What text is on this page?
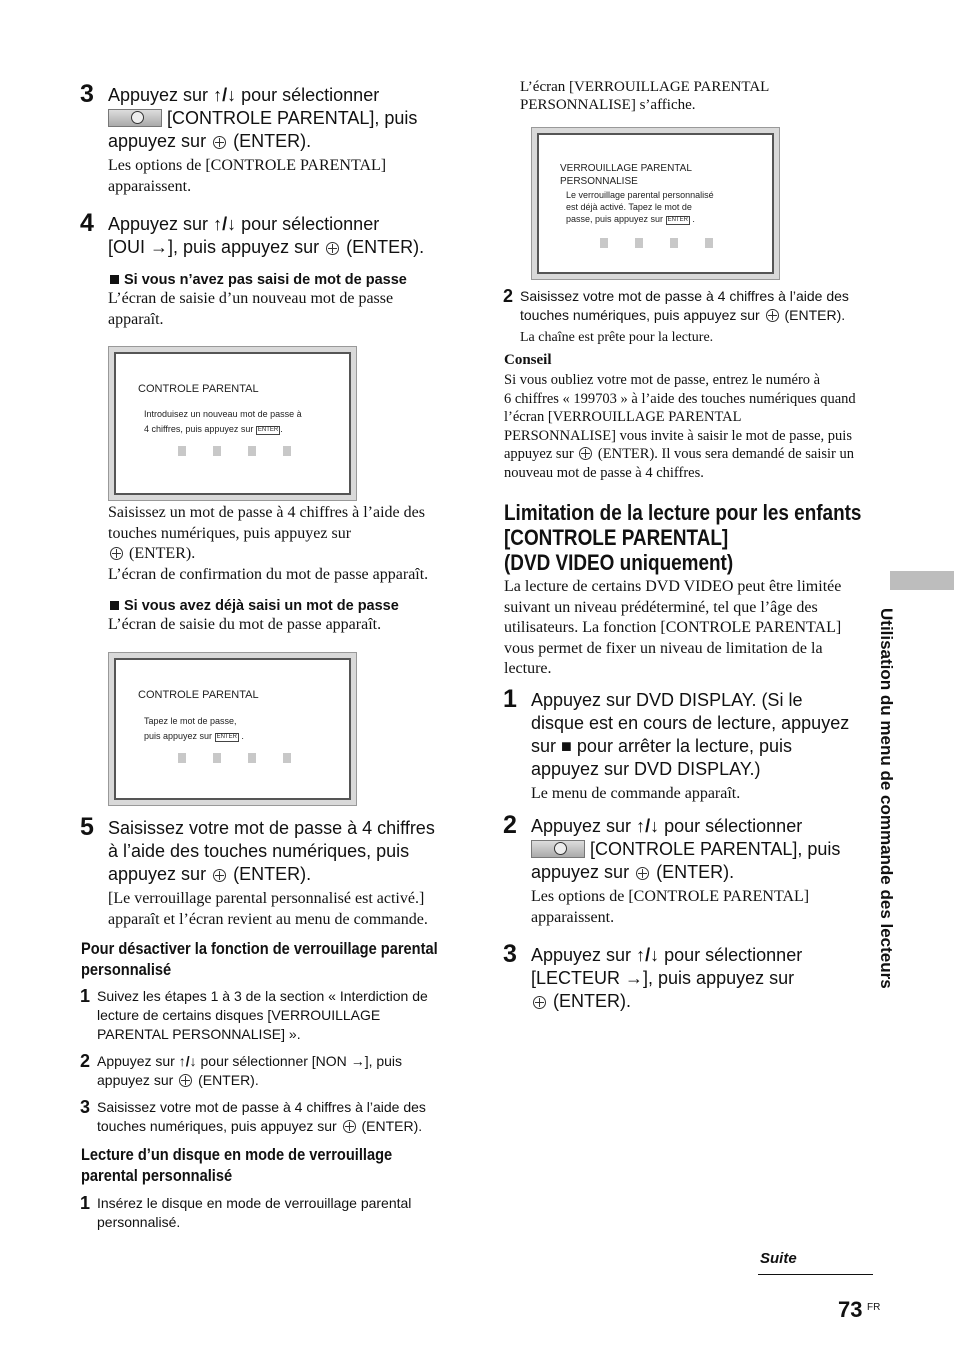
3 Appuyez sur ↑/↓ pour sélectionner

[CONTROLE PARENTAL], puis
appuyez sur (ENTER).
Les options de [CONTROLE PARENTAL]
apparaissent.
4 Appuyez sur ↑/↓ pour sélectionner
[OUI →], puis appuyez sur (ENTER).
Si vous n’avez pas saisi de mot de passe
L’écran de saisie d’un nouveau mot de passe
apparaît.
CONTROLE PARENTAL
Introduisez un nouveau mot de passe à
4 chiffres, puis appuyez sur ENTER .
Saisissez un mot de passe à 4 chiffres à l’aide des
touches numériques, puis appuyez sur
(ENTER).
L’écran de confirmation du mot de passe apparaît.
Si vous avez déjà saisi un mot de passe
L’écran de saisie du mot de passe apparaît.
CONTROLE PARENTAL
Tapez le mot de passe,
puis appuyez sur ENTER .
5 Saisissez votre mot de passe à 4 chiffres
à l’aide des touches numériques, puis
appuyez sur (ENTER).
[Le verrouillage parental personnalisé est activé.]
apparaît et l’écran revient au menu de commande.
Pour désactiver la fonction de verrouillage parental
personnalisé
1 Suivez les étapes 1 à 3 de la section « Interdiction de
lecture de certains disques [VERROUILLAGE
PARENTAL PERSONNALISE] ».
2 Appuyez sur ↑/↓ pour sélectionner [NON →], puis
appuyez sur (ENTER).
3 Saisissez votre mot de passe à 4 chiffres à l’aide des
touches numériques, puis appuyez sur (ENTER).
Lecture d’un disque en mode de verrouillage
parental personnalisé
1 Insérez le disque en mode de verrouillage parental
personnalisé.
L’écran [VERROUILLAGE PARENTAL
PERSONNALISE] s’affiche.
VERROUILLAGE PARENTAL PERSONNALISE
Le verrouillage parental personnalisé
est déjà activé. Tapez le mot de
passe, puis appuyez sur ENTER .
2 Saisissez votre mot de passe à 4 chiffres à l’aide des
touches numériques, puis appuyez sur (ENTER).
La chaîne est prête pour la lecture.
Conseil
Si vous oubliez votre mot de passe, entrez le numéro à
6 chiffres « 199703 » à l’aide des touches numériques quand
l’écran [VERROUILLAGE PARENTAL
PERSONNALISE] vous invite à saisir le mot de passe, puis
appuyez sur (ENTER). Il vous sera demandé de saisir un
nouveau mot de passe à 4 chiffres.
Limitation de la lecture pour les enfants
[CONTROLE PARENTAL]
(DVD VIDEO uniquement)
La lecture de certains DVD VIDEO peut être limitée
suivant un niveau prédéterminé, tel que l’âge des
utilisateurs. La fonction [CONTROLE PARENTAL]
vous permet de fixer un niveau de limitation de la
lecture.
1 Appuyez sur DVD DISPLAY. (Si le
disque est en cours de lecture, appuyez
sur ■ pour arrêter la lecture, puis
appuyez sur DVD DISPLAY.)
Le menu de commande apparaît.
2 Appuyez sur ↑/↓ pour sélectionner

[CONTROLE PARENTAL], puis
appuyez sur (ENTER).
Les options de [CONTROLE PARENTAL]
apparaissent.
3 Appuyez sur ↑/↓ pour sélectionner
[LECTEUR →], puis appuyez sur
(ENTER).
Utilisation du menu de commande des lecteurs
Suite
73 FR
